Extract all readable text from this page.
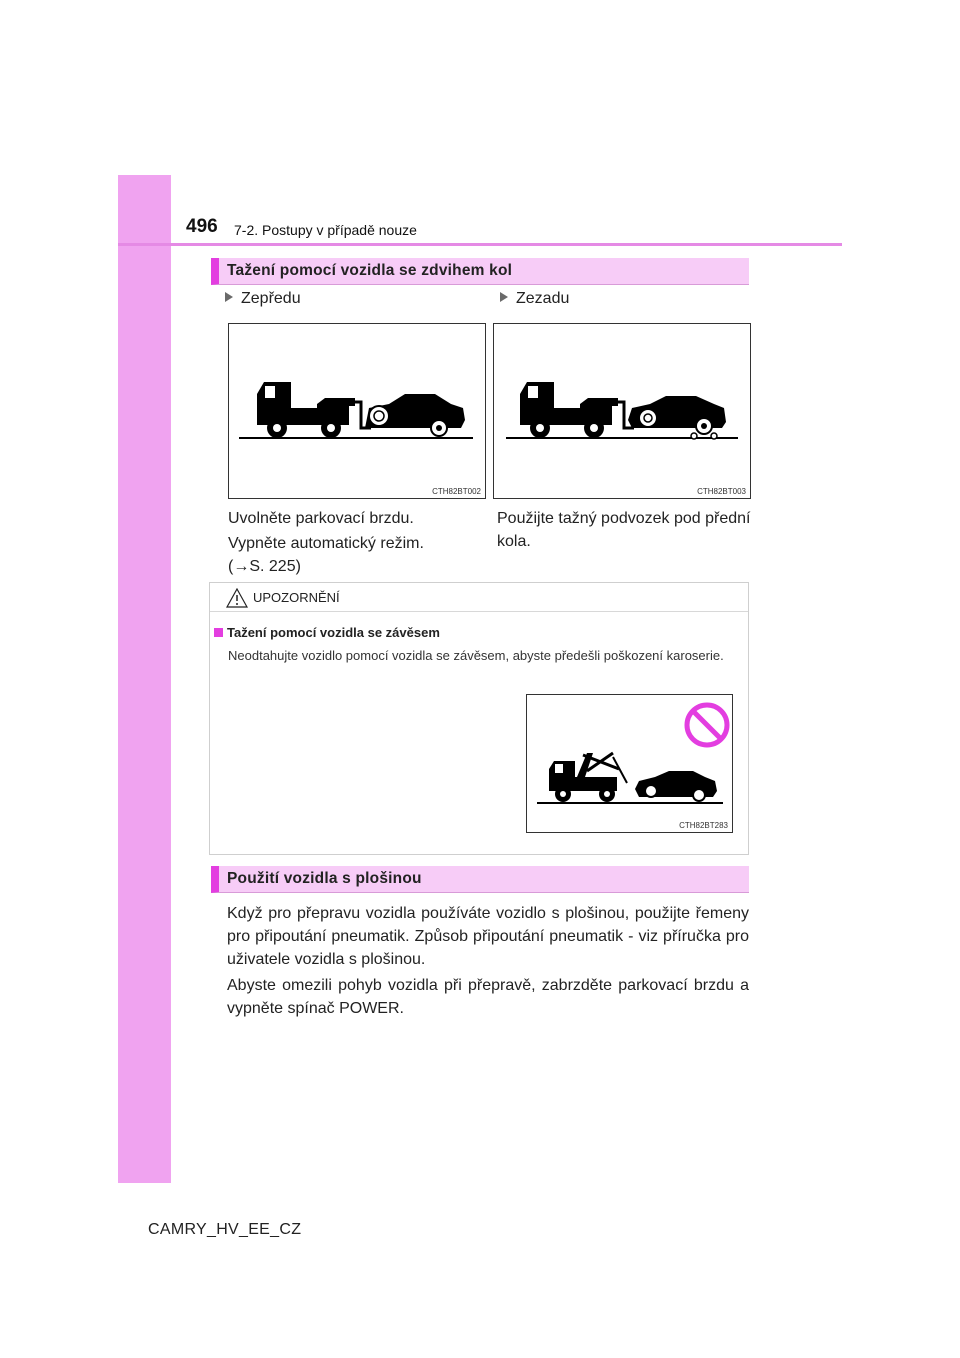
496 7-2. Postupy v případě nouze
Tažení pomocí vozidla se zdvihem kol
Zepředu	Zezadu
CTH82BT002	CTH82BT003
Uvolněte parkovací brzdu.
Vypněte automatický režim.
(→S. 225)
Použijte tažný podvozek pod přední kola.
UPOZORNĚNÍ
Tažení pomocí vozidla se závěsem
Neodtahujte vozidlo pomocí vozidla se závěsem, abyste předešli poškození karoserie.
CTH82BT283
Použití vozidla s plošinou
Když pro přepravu vozidla používáte vozidlo s plošinou, použijte řemeny pro připoutání pneumatik. Způsob připoutání pneumatik - viz příručka pro uživatele vozidla s plošinou.
Abyste omezili pohyb vozidla při přepravě, zabrzděte parkovací brzdu a vypněte spínač POWER.
CAMRY_HV_EE_CZ
